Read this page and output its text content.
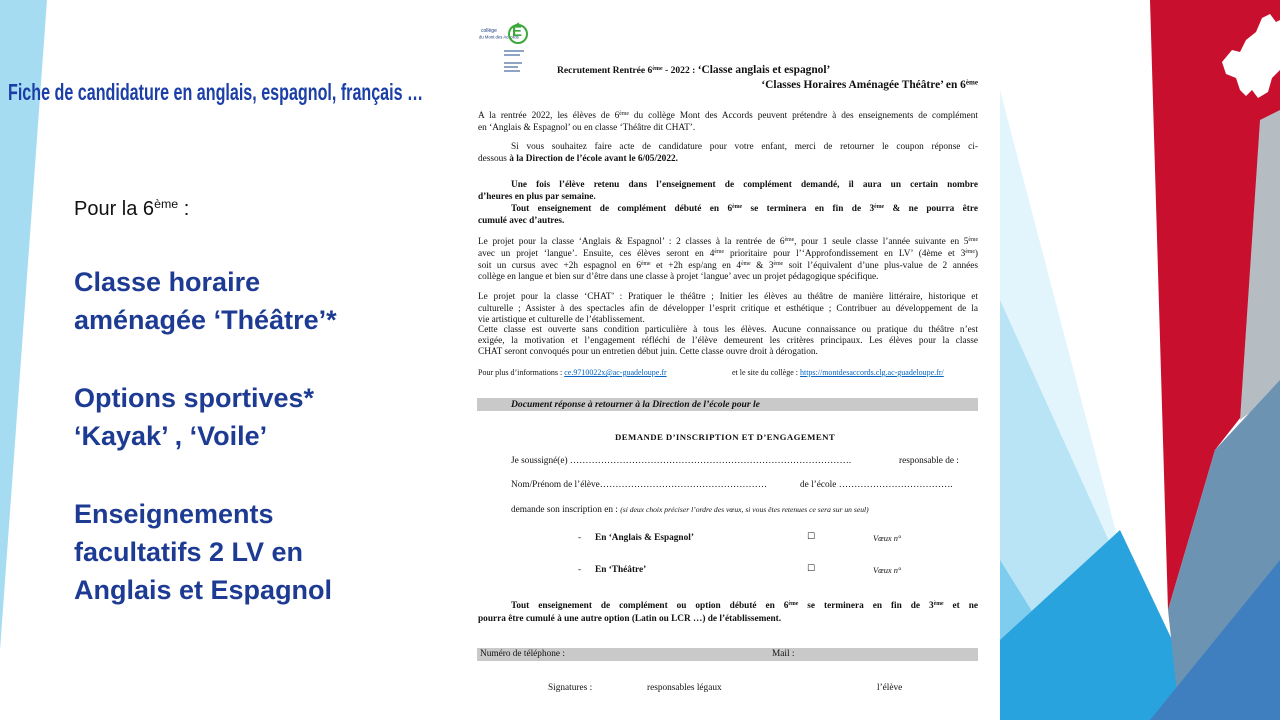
Fiche de candidature en anglais, espagnol, français …
Pour la 6ème :
Classe horaire
aménagée ‘Théâtre’*
Options sportives*
‘Kayak’ , ‘Voile’
Enseignements
facultatifs 2 LV en
Anglais et Espagnol
collège
du Mont des Accords
É
Recrutement Rentrée 6ème - 2022 : ‘Classe anglais et espagnol’
‘Classes Horaires Aménagée Théâtre’ en 6ème
A la rentrée 2022, les élèves de 6ème du collège Mont des Accords peuvent prétendre à des enseignements de complément
en ‘Anglais & Espagnol’ ou en classe ‘Théâtre dit CHAT’.
Si vous souhaitez faire acte de candidature pour votre enfant, merci de retourner le coupon réponse ci-
dessous à la Direction de l’école avant le 6/05/2022.
Une fois l’élève retenu dans l’enseignement de complément demandé, il aura un certain nombre
d’heures en plus par semaine.
Tout enseignement de complément débuté en 6ème se terminera en fin de 3ème & ne pourra être
cumulé avec d’autres.
Le projet pour la classe ‘Anglais & Espagnol’ : 2 classes à la rentrée de 6ème, pour 1 seule classe l’année suivante en 5ème
avec un projet ‘langue’. Ensuite, ces élèves seront en 4ème prioritaire pour l’‘Approfondissement en LV’ (4ème et 3ème)
soit un cursus avec +2h espagnol en 6ème et +2h esp/ang en 4ème & 3ème soit l’équivalent d’une plus-value de 2 années
collège en langue et bien sur d’être dans une classe à projet ‘langue’ avec un projet pédagogique spécifique.
Le projet pour la classe ‘CHAT’ : Pratiquer le théâtre ; Initier les élèves au théâtre de manière littéraire, historique et
culturelle ; Assister à des spectacles afin de développer l’esprit critique et esthétique ; Contribuer au développement de la
vie artistique et culturelle de l’établissement.
Cette classe est ouverte sans condition particulière à tous les élèves. Aucune connaissance ou pratique du théâtre n’est
exigée, la motivation et l’engagement réfléchi de l’élève demeurent les critères principaux. Les élèves pour la classe
CHAT seront convoqués pour un entretien début juin. Cette classe ouvre droit à dérogation.
Pour plus d’informations : ce.9710022x@ac-guadeloupe.fr	et le site du collège : https://montdesaccords.clg.ac-guadeloupe.fr/
Document réponse à retourner à la Direction de l’école pour le
DEMANDE D’INSCRIPTION ET D’ENGAGEMENT
Je soussigné(e) ……………………………………………………………………………….	responsable de :
Nom/Prénom de l’élève………………………………………………	de l’école ……………………………….
demande son inscription en : (si deux choix préciser l’ordre des vœux, si vous êtes retenues ce sera sur un seul)
- En ‘Anglais & Espagnol’	☐	Vœux n°
- En ‘Théâtre’	☐	Vœux n°
Tout enseignement de complément ou option débuté en 6ème se terminera en fin de 3ème et ne
pourra être cumulé à une autre option (Latin ou LCR …) de l’établissement.
Numéro de téléphone :	Mail :
Signatures :	responsables légaux	l’élève
